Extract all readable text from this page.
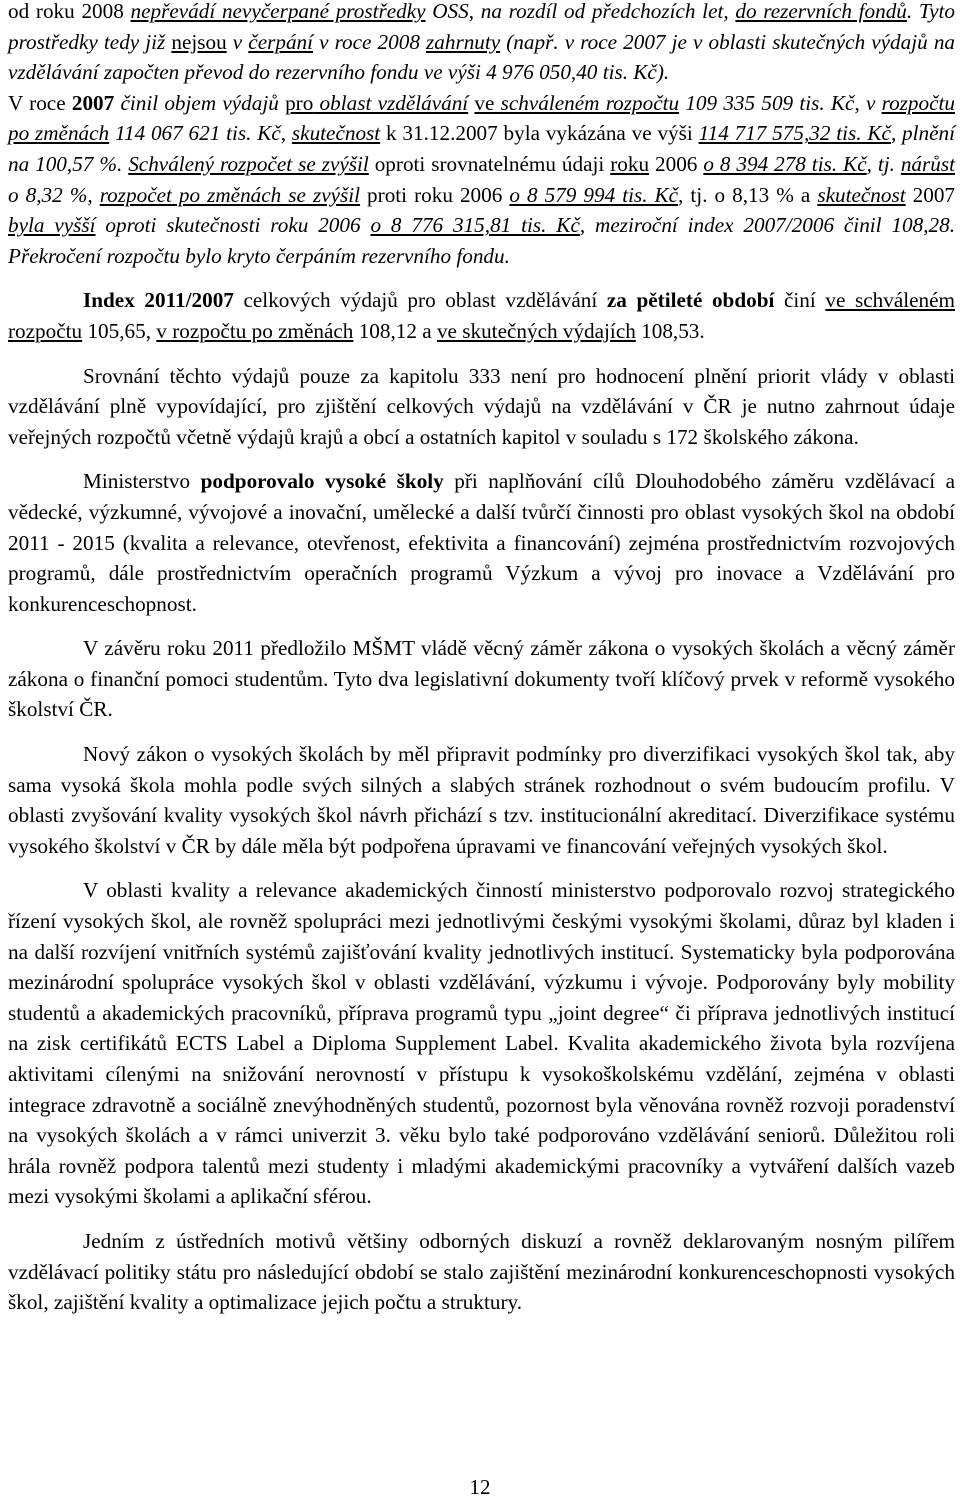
od roku 2008 nepřevádí nevyčerpané prostředky OSS, na rozdíl od předchozích let, do rezervních fondů. Tyto prostředky tedy již nejsou v čerpání v roce 2008 zahrnuty (např. v roce 2007 je v oblasti skutečných výdajů na vzdělávání započten převod do rezervního fondu ve výši 4 976 050,40 tis. Kč).

V roce 2007 činil objem výdajů pro oblast vzdělávání ve schváleném rozpočtu 109 335 509 tis. Kč, v rozpočtu po změnách 114 067 621 tis. Kč, skutečnost k 31.12.2007 byla vykázána ve výši 114 717 575,32 tis. Kč, plnění na 100,57 %. Schválený rozpočet se zvýšil oproti srovnatelnému údaji roku 2006 o 8 394 278 tis. Kč, tj. nárůst o 8,32 %, rozpočet po změnách se zvýšil proti roku 2006 o 8 579 994 tis. Kč, tj. o 8,13 % a skutečnost 2007 byla vyšší oproti skutečnosti roku 2006 o 8 776 315,81 tis. Kč, meziroční index 2007/2006 činil 108,28. Překročení rozpočtu bylo kryto čerpáním rezervního fondu.

Index 2011/2007 celkových výdajů pro oblast vzdělávání za pětileté období činí ve schváleném rozpočtu 105,65, v rozpočtu po změnách 108,12 a ve skutečných výdajích 108,53.

Srovnání těchto výdajů pouze za kapitolu 333 není pro hodnocení plnění priorit vlády v oblasti vzdělávání plně vypovídající, pro zjištění celkových výdajů na vzdělávání v ČR je nutno zahrnout údaje veřejných rozpočtů včetně výdajů krajů a obcí a ostatních kapitol v souladu s 172 školského zákona.

Ministerstvo podporovalo vysoké školy při naplňování cílů Dlouhodobého záměru vzdělávací a vědecké, výzkumné, vývojové a inovační, umělecké a další tvůrčí činnosti pro oblast vysokých škol na období 2011 - 2015 (kvalita a relevance, otevřenost, efektivita a financování) zejména prostřednictvím rozvojových programů, dále prostřednictvím operačních programů Výzkum a vývoj pro inovace a Vzdělávání pro konkurenceschopnost.

V závěru roku 2011 předložilo MŠMT vládě věcný záměr zákona o vysokých školách a věcný záměr zákona o finanční pomoci studentům. Tyto dva legislativní dokumenty tvoří klíčový prvek v reformě vysokého školství ČR.

Nový zákon o vysokých školách by měl připravit podmínky pro diverzifikaci vysokých škol tak, aby sama vysoká škola mohla podle svých silných a slabých stránek rozhodnout o svém budoucím profilu. V oblasti zvyšování kvality vysokých škol návrh přichází s tzv. institucionální akreditací. Diverzifikace systému vysokého školství v ČR by dále měla být podpořena úpravami ve financování veřejných vysokých škol.

V oblasti kvality a relevance akademických činností ministerstvo podporovalo rozvoj strategického řízení vysokých škol, ale rovněž spolupráci mezi jednotlivými českými vysokými školami, důraz byl kladen i na další rozvíjení vnitřních systémů zajišťování kvality jednotlivých institucí. Systematicky byla podporována mezinárodní spolupráce vysokých škol v oblasti vzdělávání, výzkumu i vývoje. Podporovány byly mobility studentů a akademických pracovníků, příprava programů typu „joint degree“ či příprava jednotlivých institucí na zisk certifikátů ECTS Label a Diploma Supplement Label. Kvalita akademického života byla rozvíjena aktivitami cílenými na snižování nerovností v přístupu k vysokoškolskému vzdělání, zejména v oblasti integrace zdravotně a sociálně znevýhodněných studentů, pozornost byla věnována rovněž rozvoji poradenství na vysokých školách a v rámci univerzit 3. věku bylo také podporováno vzdělávání seniorů. Důležitou roli hrála rovněž podpora talentů mezi studenty i mladými akademickými pracovníky a vytváření dalších vazeb mezi vysokými školami a aplikační sférou.

Jedním z ústředních motivů většiny odborných diskuzí a rovněž deklarovaným nosným pilířem vzdělávací politiky státu pro následující období se stalo zajištění mezinárodní konkurenceschopnosti vysokých škol, zajištění kvality a optimalizace jejich počtu a struktury.

12
